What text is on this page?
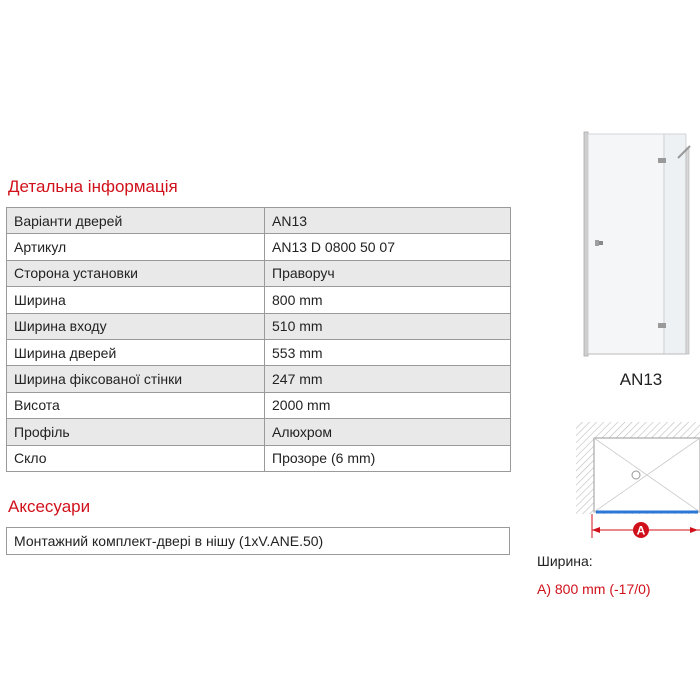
Детальна інформація
Варіанти дверей	AN13
Артикул	AN13 D 0800 50 07
Сторона установки	Праворуч
Ширина	800 mm
Ширина входу	510 mm
Ширина дверей	553 mm
Ширина фіксованої стінки	247 mm
Висота	2000 mm
Профіль	Алюхром
Скло	Прозоре (6 mm)
Аксесуари
Монтажний комплект-двері в нішу (1xV.ANE.50)
AN13
A
Ширина:
A) 800 mm (-17/0)
